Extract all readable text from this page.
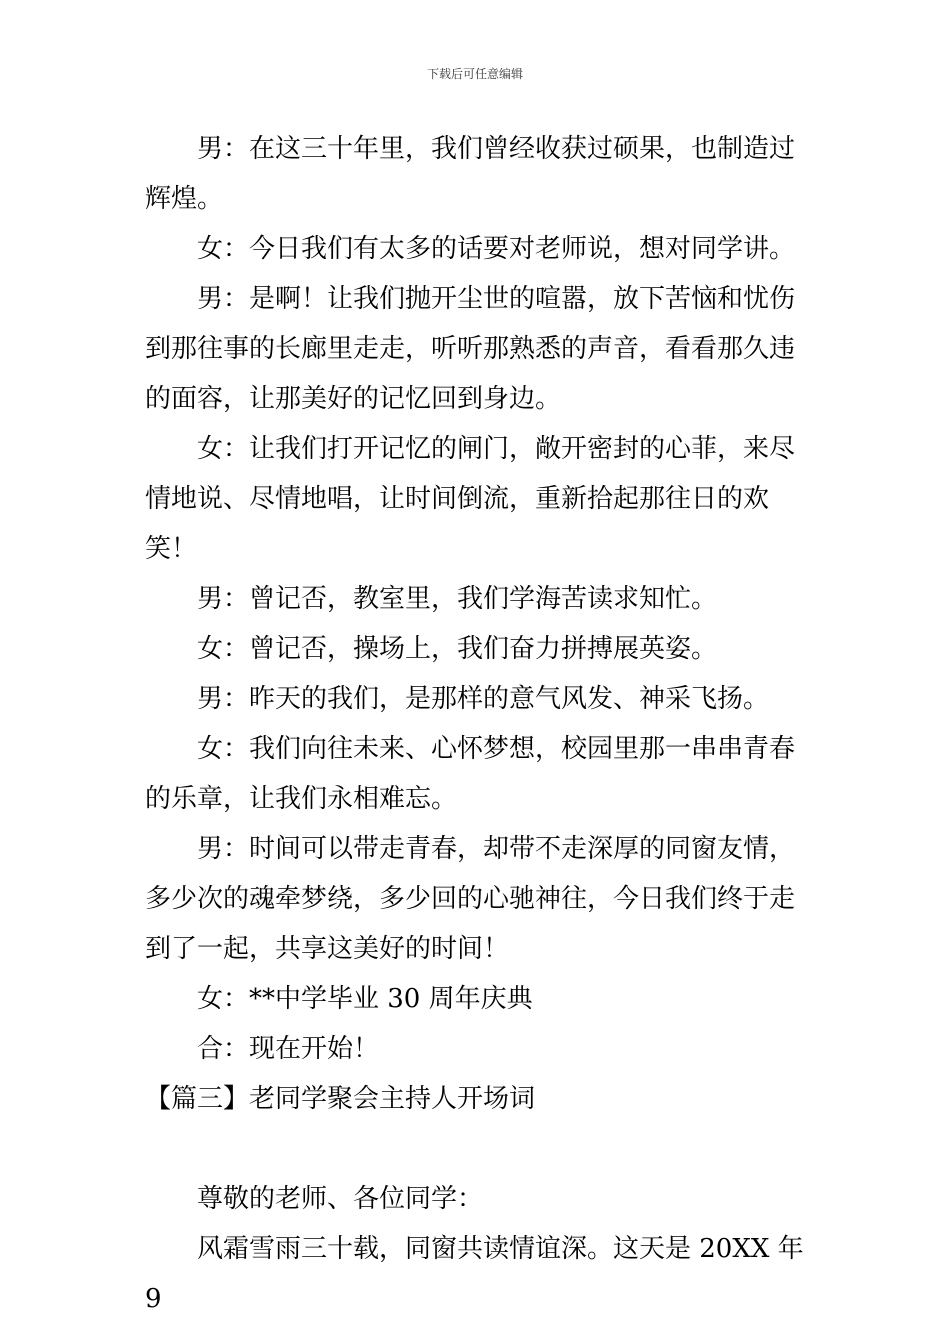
下载后可任意编辑

男：在这三十年里，我们曾经收获过硕果，也制造过辉煌。

女：今日我们有太多的话要对老师说，想对同学讲。

男：是啊！让我们抛开尘世的喧嚣，放下苦恼和忧伤到那往事的长廊里走走，听听那熟悉的声音，看看那久违的面容，让那美好的记忆回到身边。

女：让我们打开记忆的闸门，敞开密封的心菲，来尽情地说、尽情地唱，让时间倒流，重新拾起那往日的欢笑！

男：曾记否，教室里，我们学海苦读求知忙。

女：曾记否，操场上，我们奋力拼搏展英姿。

男：昨天的我们，是那样的意气风发、神采飞扬。

女：我们向往未来、心怀梦想，校园里那一串串青春的乐章，让我们永相难忘。

男：时间可以带走青春，却带不走深厚的同窗友情，多少次的魂牵梦绕，多少回的心驰神往，今日我们终于走到了一起，共享这美好的时间！

女：**中学毕业 30 周年庆典

合：现在开始！

【篇三】老同学聚会主持人开场词

尊敬的老师、各位同学：

风霜雪雨三十载，同窗共读情谊深。这天是 20XX 年 9
